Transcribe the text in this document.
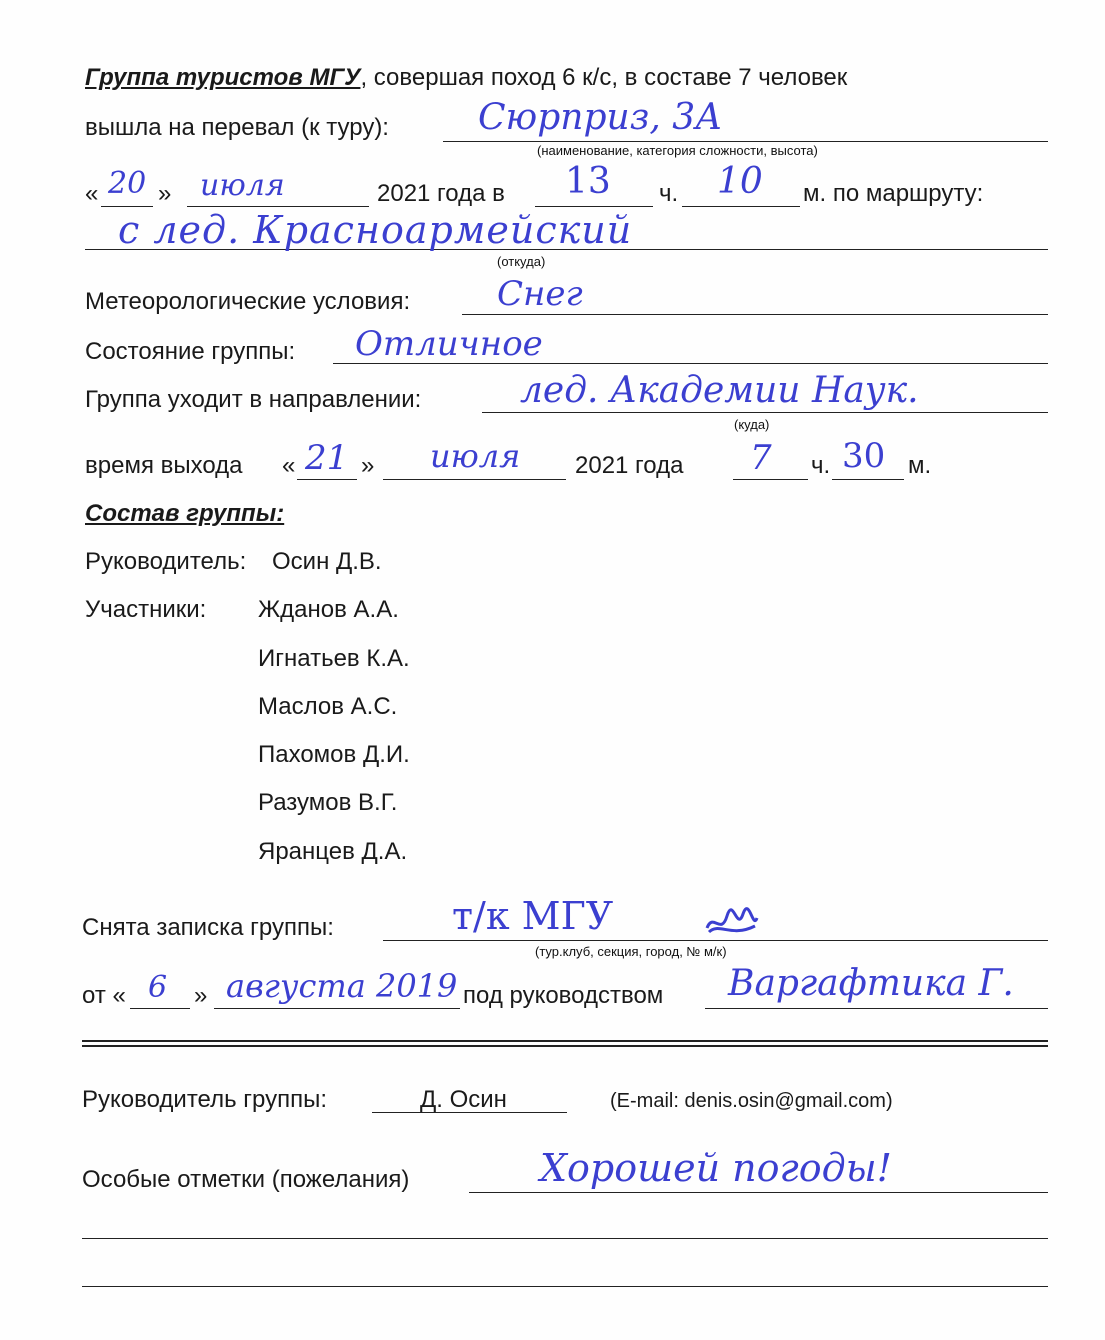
Группа туристов МГУ, совершая поход 6 к/с, в составе 7 человек
вышла на перевал (к туру): Сюрприз, 3А
(наименование, категория сложности, высота)
« 20 » июля	2021 года в 13 ч. 10 м. по маршруту:
с лед. Красноармейский
(откуда)
Метеорологические условия:	Снег
Состояние группы: Отличное
Группа уходит в направлении:	лед. Академии Наук.
(куда)
время выхода « 21 » июля 2021 года 7 ч. 30 м.
Состав группы:
Руководитель: Осин Д.В.
Участники: Жданов А.А.
Игнатьев К.А.
Маслов А.С.
Пахомов Д.И.
Разумов В.Г.
Яранцев Д.А.
Снята записка группы:	т/к МГУ
(тур.клуб, секция, город, № м/к)
от « 6 » августа 2019 под руководством Варгафтика Г.
Руководитель группы:	Д. Осин	(E-mail: denis.osin@gmail.com)
Особые отметки (пожелания)	Хорошей погоды!
